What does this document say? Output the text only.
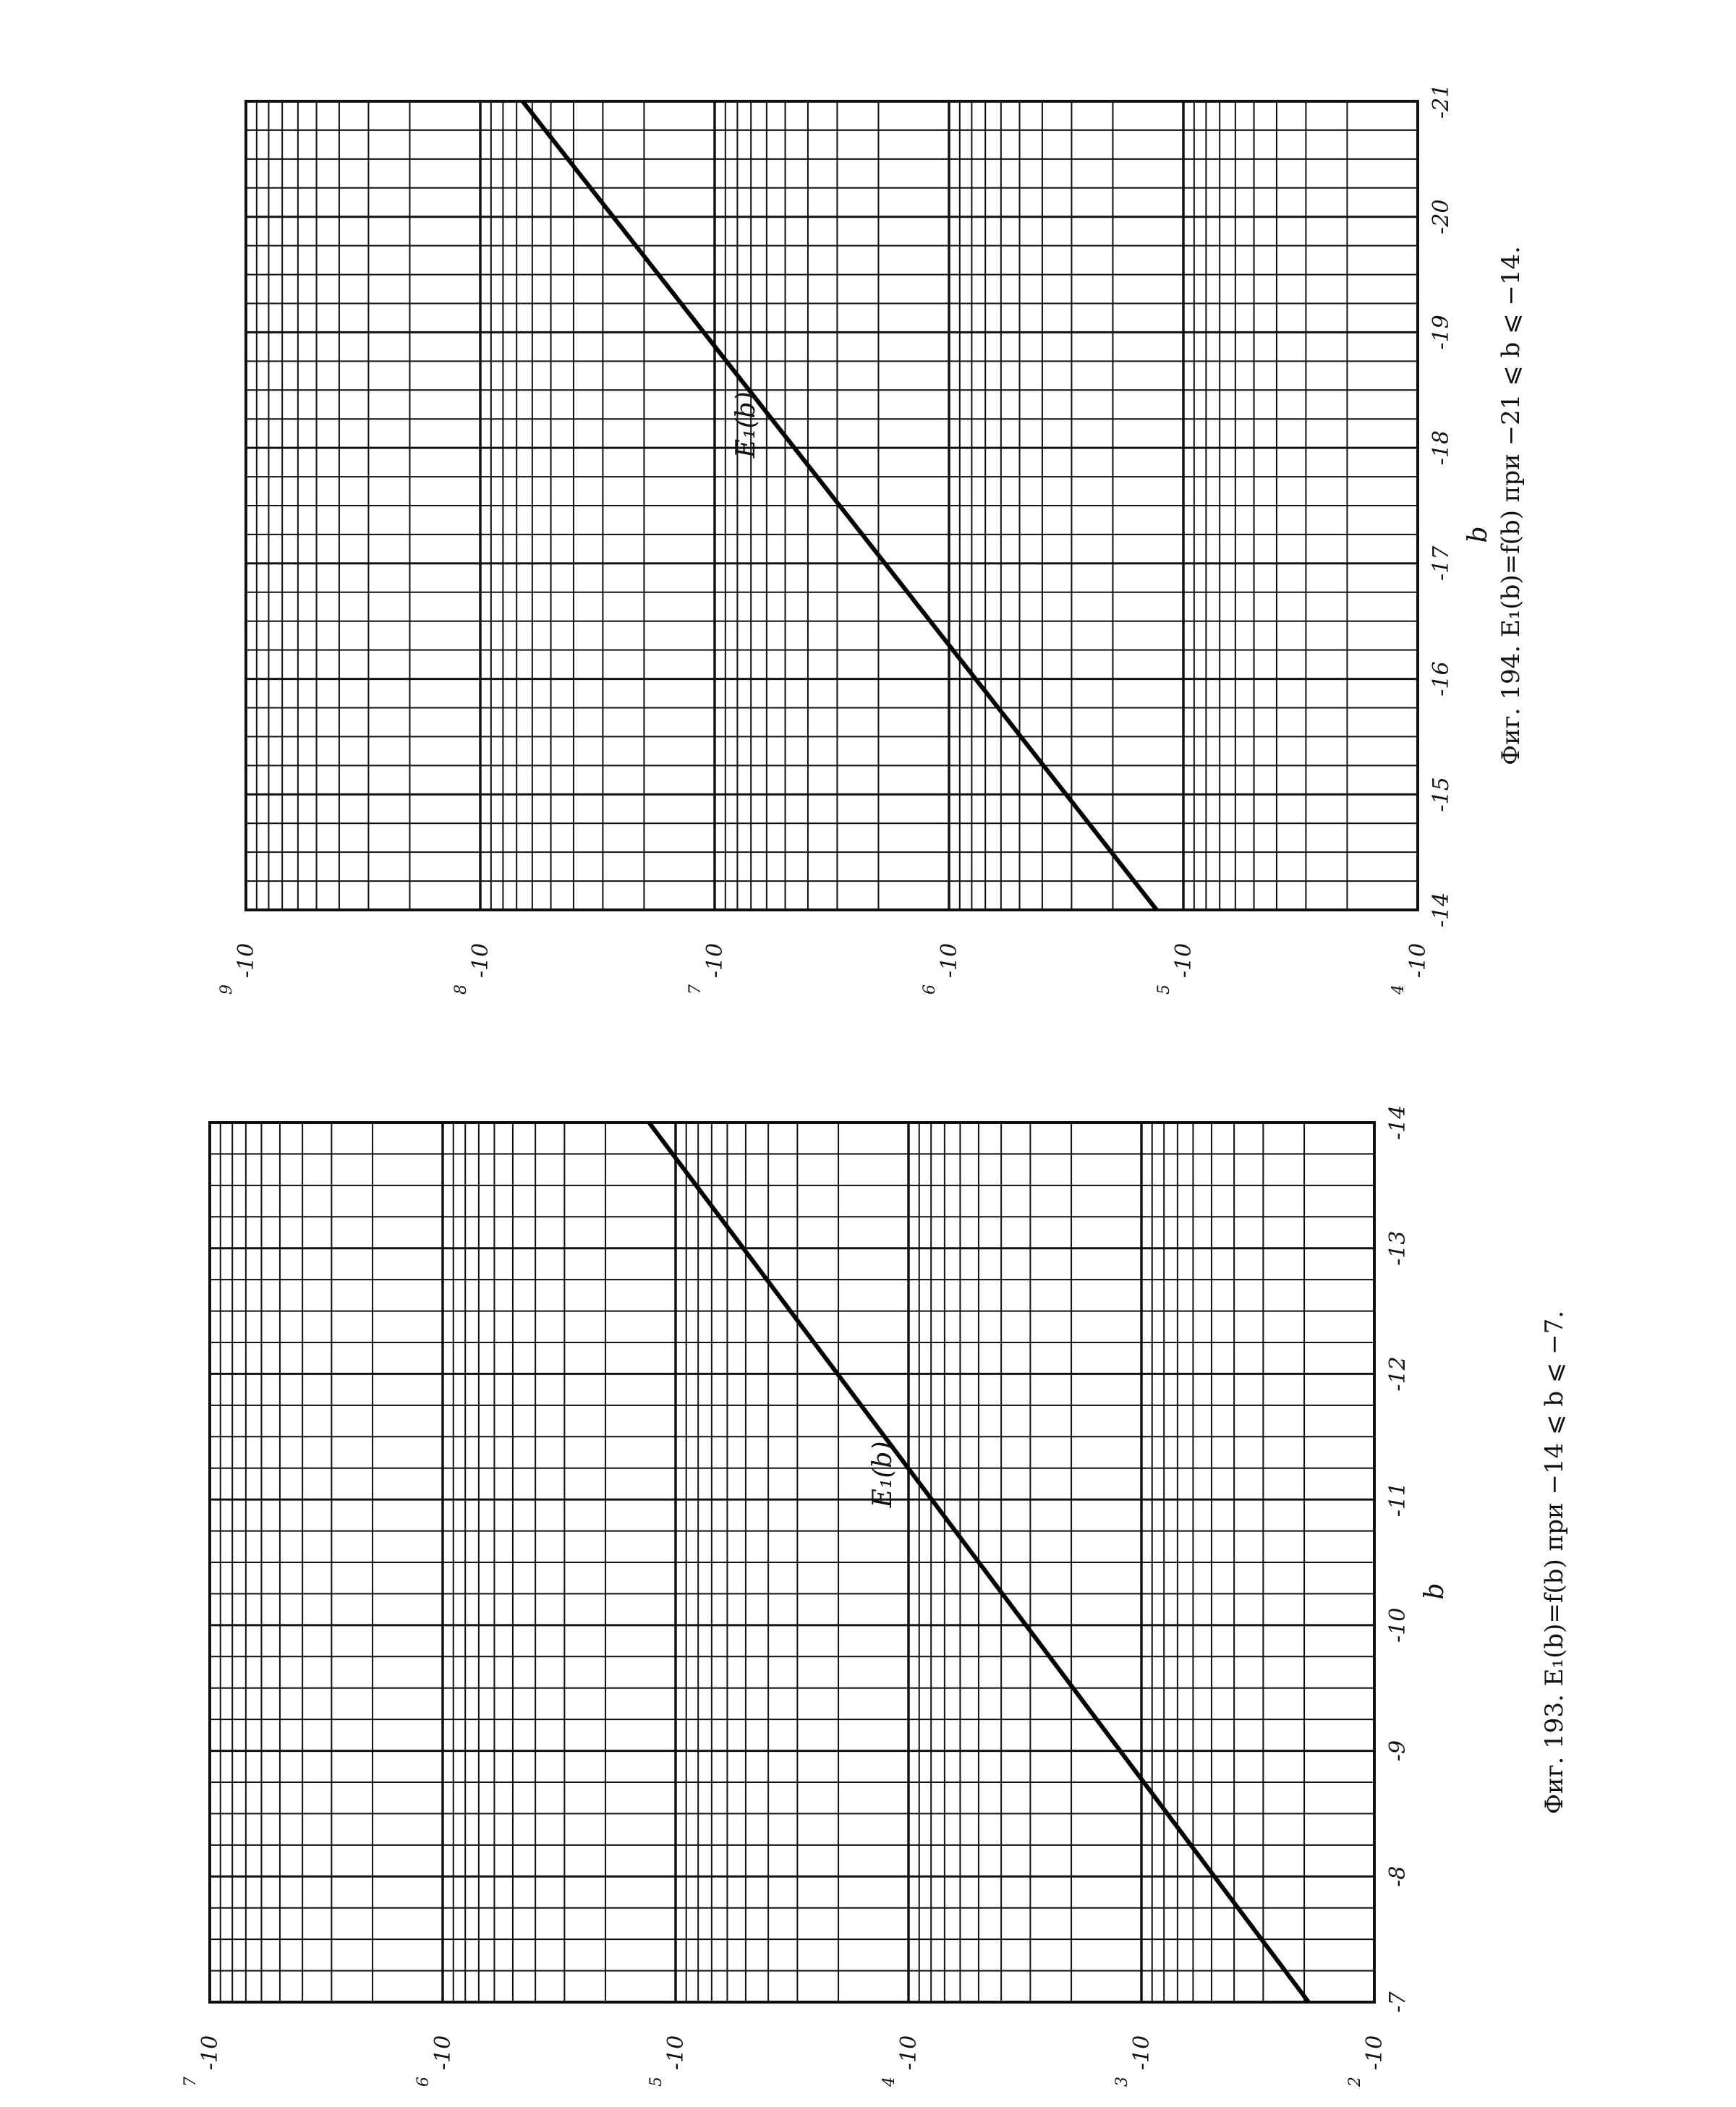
E₁(b)
-7
-8
-9
-10
-11
-12
-13
-14
b
-10
2
-10
3
-10
4
-10
5
-10
6
-10
7
Фиг. 193. E₁(b)=f(b) при −14 ⩽ b ⩽ −7.
E₁(b)
-14
-15
-16
-17
-18
-19
-20
-21
b
-10
4
-10
5
-10
6
-10
7
-10
8
-10
9
Фиг. 194. E₁(b)=f(b) при −21 ⩽ b ⩽ −14.
